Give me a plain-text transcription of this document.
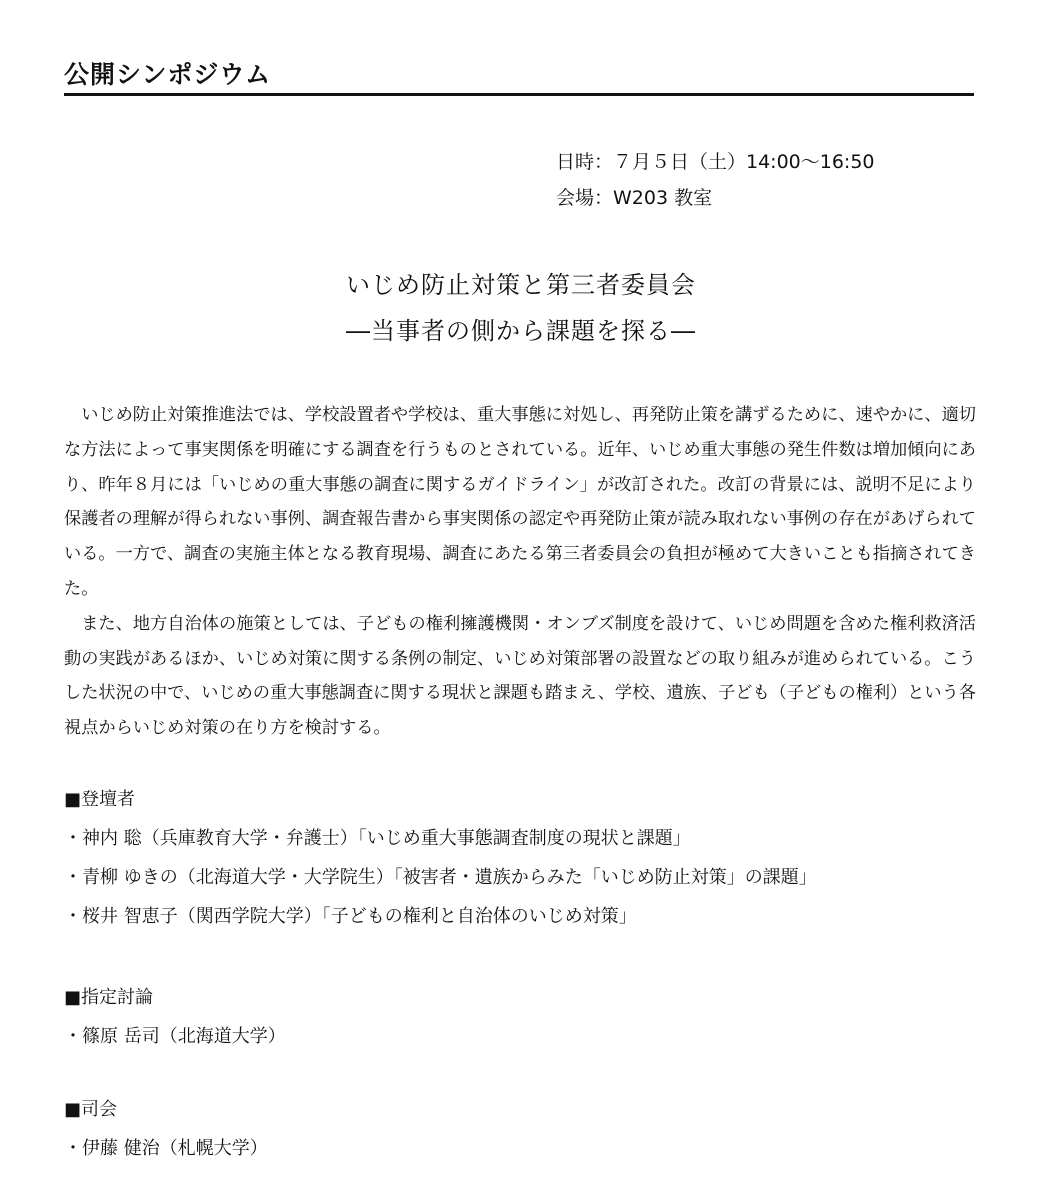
公開シンポジウム
日時：７月５日（土）14:00～16:50
会場：W203 教室
いじめ防止対策と第三者委員会
―当事者の側から課題を探る―

いじめ防止対策推進法では、学校設置者や学校は、重大事態に対処し、再発防止策を講ずるために、速やかに、適切な方法によって事実関係を明確にする調査を行うものとされている。近年、いじめ重大事態の発生件数は増加傾向にあり、昨年８月には「いじめの重大事態の調査に関するガイドライン」が改訂された。改訂の背景には、説明不足により保護者の理解が得られない事例、調査報告書から事実関係の認定や再発防止策が読み取れない事例の存在があげられている。一方で、調査の実施主体となる教育現場、調査にあたる第三者委員会の負担が極めて大きいことも指摘されてきた。

また、地方自治体の施策としては、子どもの権利擁護機関・オンブズ制度を設けて、いじめ問題を含めた権利救済活動の実践があるほか、いじめ対策に関する条例の制定、いじめ対策部署の設置などの取り組みが進められている。こうした状況の中で、いじめの重大事態調査に関する現状と課題も踏まえ、学校、遺族、子ども（子どもの権利）という各視点からいじめ対策の在り方を検討する。

■登壇者
・神内 聡（兵庫教育大学・弁護士）「いじめ重大事態調査制度の現状と課題」
・青柳 ゆきの（北海道大学・大学院生）「被害者・遺族からみた「いじめ防止対策」の課題」
・桜井 智恵子（関西学院大学）「子どもの権利と自治体のいじめ対策」
■指定討論
・篠原 岳司（北海道大学）
■司会
・伊藤 健治（札幌大学）
